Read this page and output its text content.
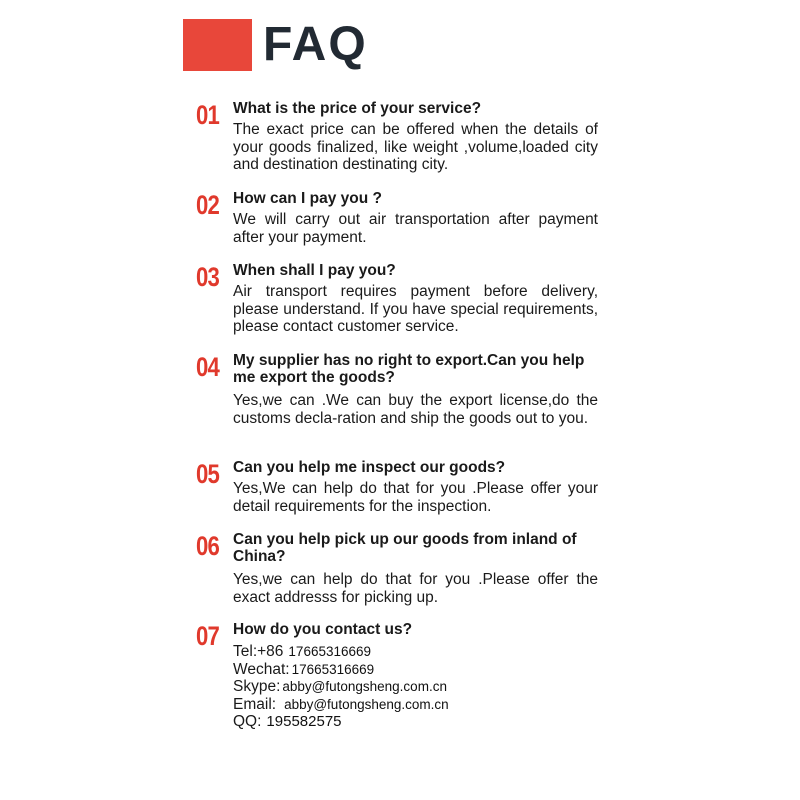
FAQ
01 What is the price of your service?
The exact price can be offered when the details of your goods finalized, like weight ,volume,loaded city and destination destinating city.
02 How can I pay you ?
We will carry out air transportation after payment after your payment.
03 When shall I pay you?
Air transport requires payment before delivery, please understand. If you have special requirements, please contact customer service.
04 My supplier has no right to export.Can you help me export the goods?
Yes,we can .We can buy the export license,do the customs decla-ration and ship the goods out to you.
05 Can you help me inspect our goods?
Yes,We can help do that for you .Please offer your detail requirements for the inspection.
06 Can you help pick up our goods from inland of China?
Yes,we can help do that for you .Please offer the exact addresss for picking up.
07 How do you contact us?
Tel:+86 17665316669
Wechat: 17665316669
Skype: abby@futongsheng.com.cn
Email: abby@futongsheng.com.cn
QQ: 195582575
